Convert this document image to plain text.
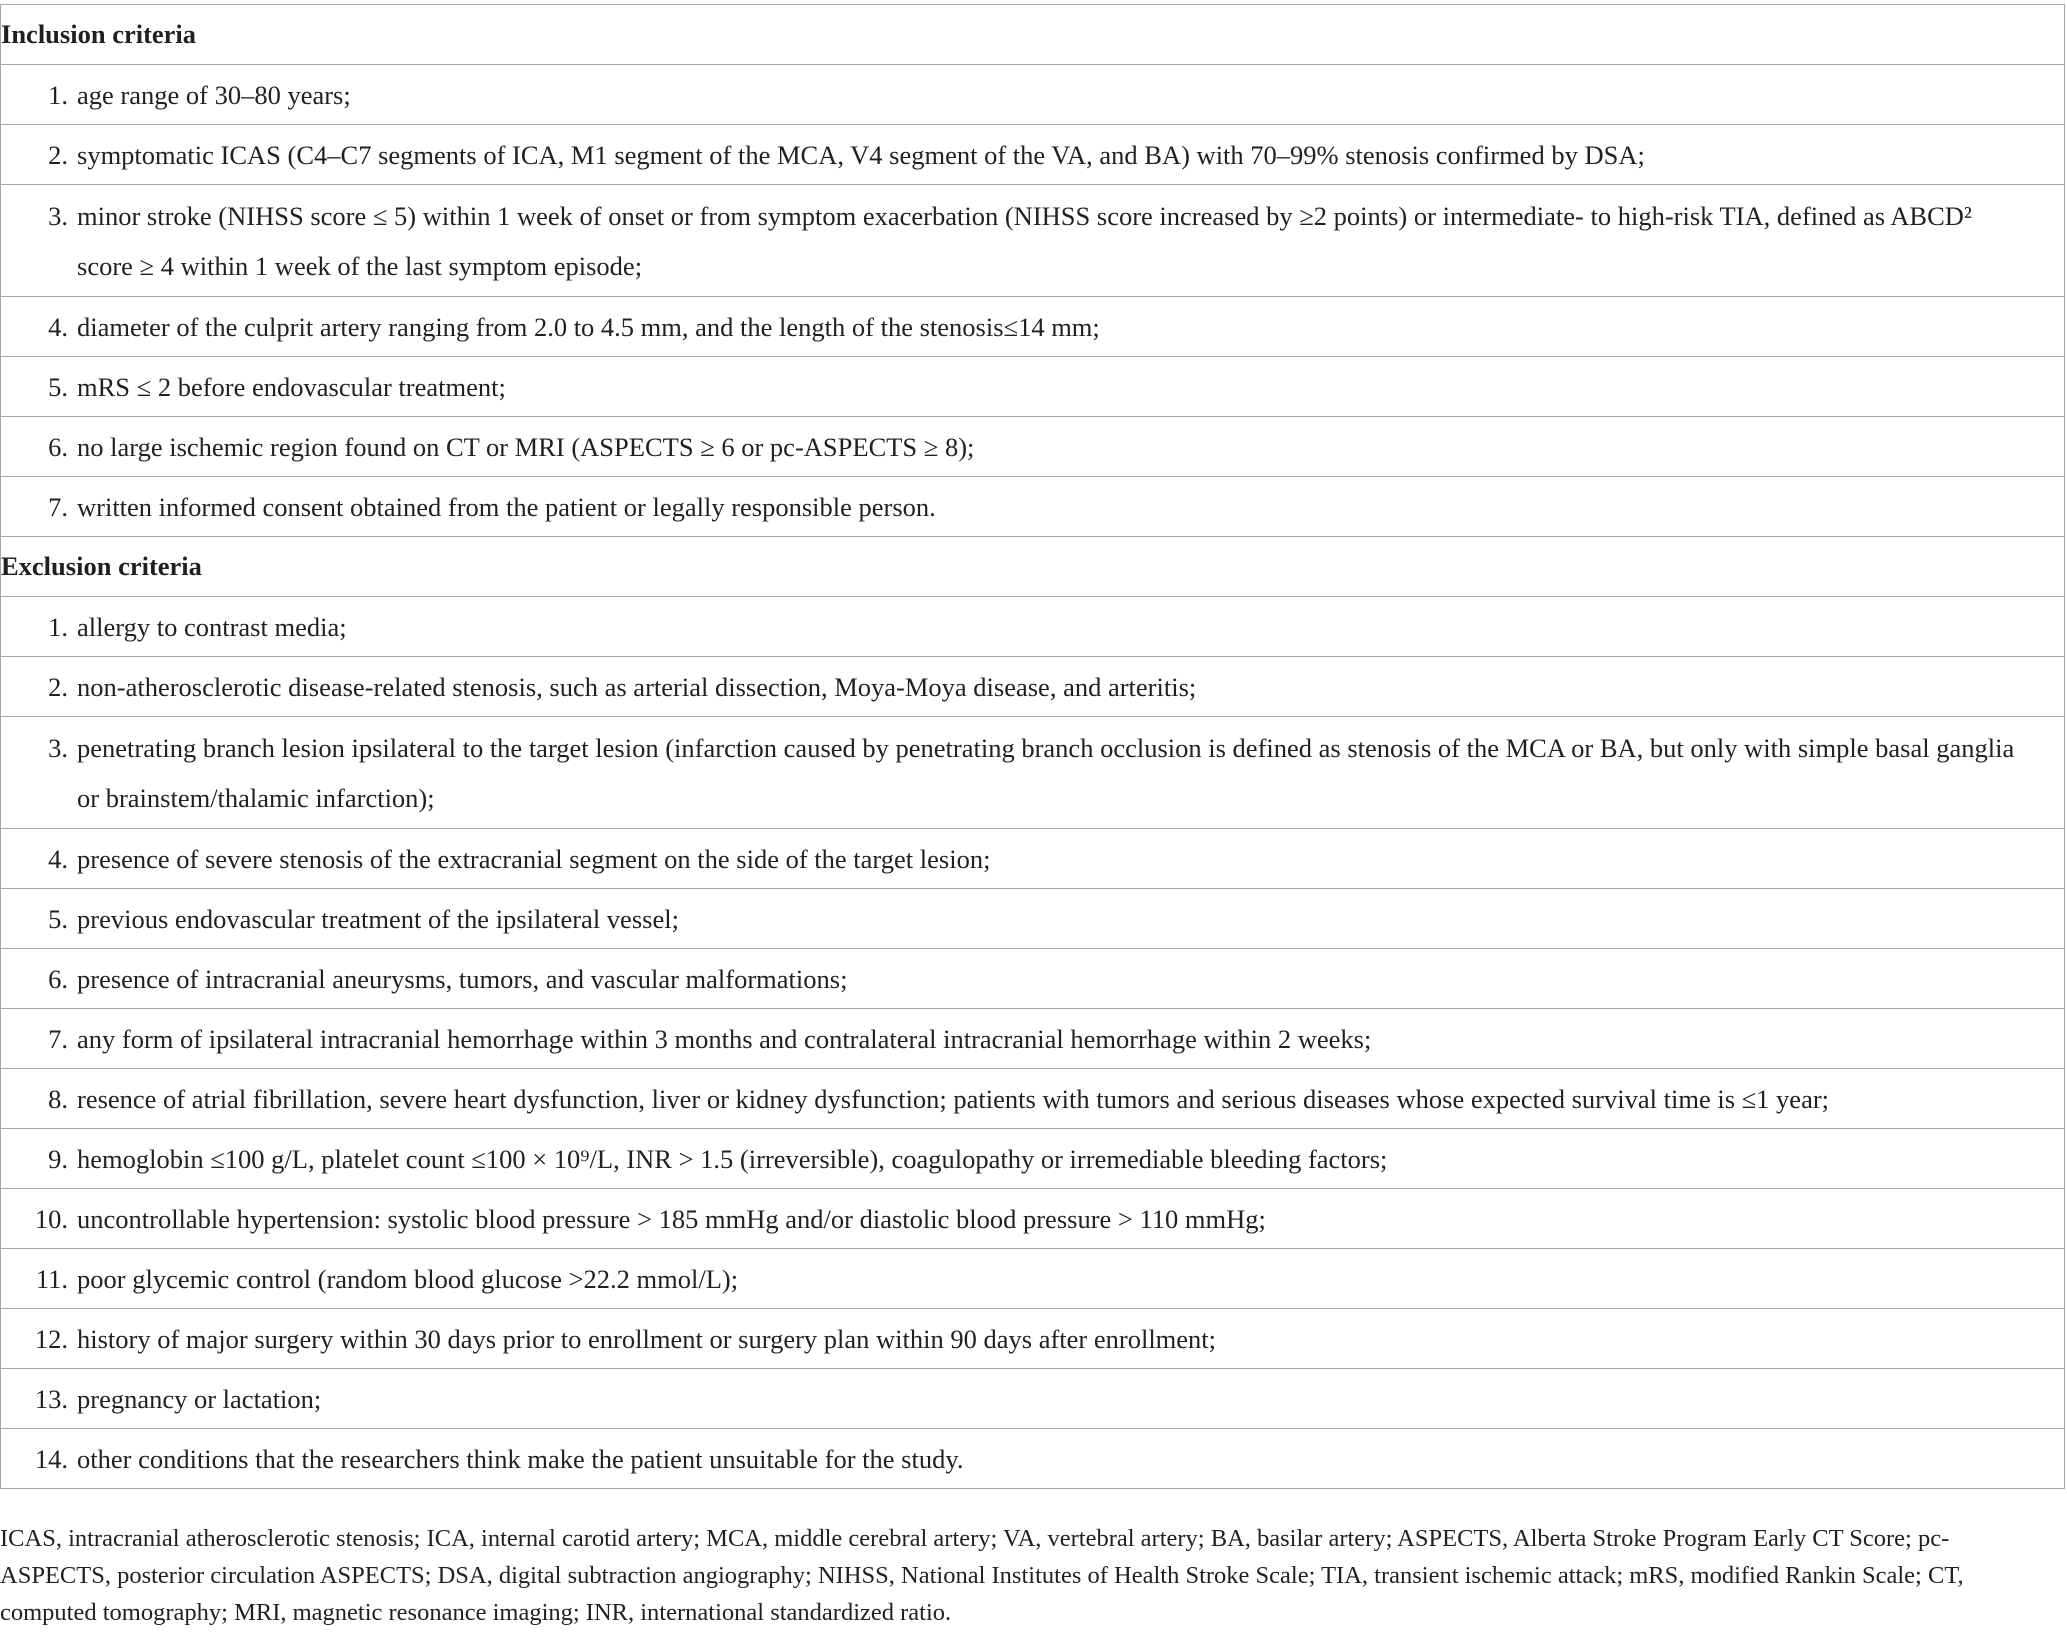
Inclusion criteria

1. age range of 30–80 years;

2. symptomatic ICAS (C4–C7 segments of ICA, M1 segment of the MCA, V4 segment of the VA, and BA) with 70–99% stenosis confirmed by DSA;

3. minor stroke (NIHSS score ≤ 5) within 1 week of onset or from symptom exacerbation (NIHSS score increased by ≥2 points) or intermediate- to high-risk TIA, defined as ABCD² score ≥ 4 within 1 week of the last symptom episode;

4. diameter of the culprit artery ranging from 2.0 to 4.5 mm, and the length of the stenosis≤14 mm;

5. mRS ≤ 2 before endovascular treatment;

6. no large ischemic region found on CT or MRI (ASPECTS ≥ 6 or pc-ASPECTS ≥ 8);

7. written informed consent obtained from the patient or legally responsible person.

Exclusion criteria

1. allergy to contrast media;

2. non-atherosclerotic disease-related stenosis, such as arterial dissection, Moya-Moya disease, and arteritis;

3. penetrating branch lesion ipsilateral to the target lesion (infarction caused by penetrating branch occlusion is defined as stenosis of the MCA or BA, but only with simple basal ganglia or brainstem/thalamic infarction);

4. presence of severe stenosis of the extracranial segment on the side of the target lesion;

5. previous endovascular treatment of the ipsilateral vessel;

6. presence of intracranial aneurysms, tumors, and vascular malformations;

7. any form of ipsilateral intracranial hemorrhage within 3 months and contralateral intracranial hemorrhage within 2 weeks;

8. resence of atrial fibrillation, severe heart dysfunction, liver or kidney dysfunction; patients with tumors and serious diseases whose expected survival time is ≤1 year;

9. hemoglobin ≤100 g/L, platelet count ≤100 × 10⁹/L, INR > 1.5 (irreversible), coagulopathy or irremediable bleeding factors;

10. uncontrollable hypertension: systolic blood pressure > 185 mmHg and/or diastolic blood pressure > 110 mmHg;

11. poor glycemic control (random blood glucose >22.2 mmol/L);

12. history of major surgery within 30 days prior to enrollment or surgery plan within 90 days after enrollment;

13. pregnancy or lactation;

14. other conditions that the researchers think make the patient unsuitable for the study.
ICAS, intracranial atherosclerotic stenosis; ICA, internal carotid artery; MCA, middle cerebral artery; VA, vertebral artery; BA, basilar artery; ASPECTS, Alberta Stroke Program Early CT Score; pc-ASPECTS, posterior circulation ASPECTS; DSA, digital subtraction angiography; NIHSS, National Institutes of Health Stroke Scale; TIA, transient ischemic attack; mRS, modified Rankin Scale; CT, computed tomography; MRI, magnetic resonance imaging; INR, international standardized ratio.
